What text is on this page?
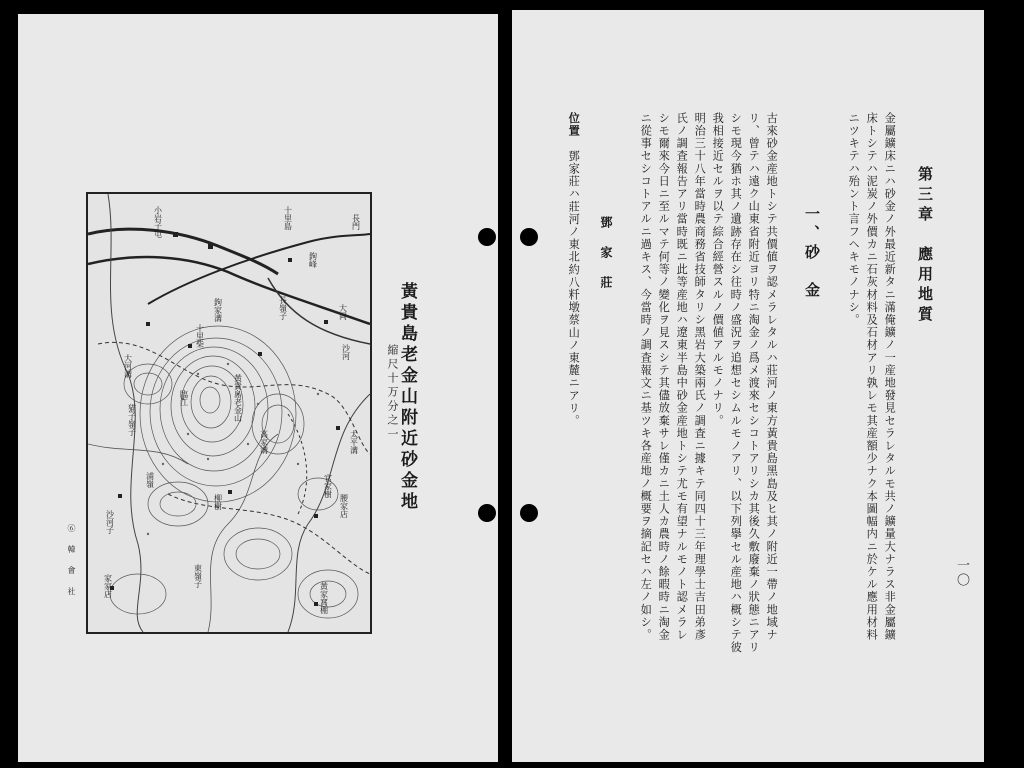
長門
十里島
小岩子屯
鉤峰
鉤家溝	長嶺子	大岡
大河溝
黃貴島老金山
十里柴
臨江
沙河
猫子嶺子
高家溝
浦嶺
太平溝
柳樹
官家樹
腰家店
沙河子
黃家窩棚
東嶺子
家家店
黃貴島老金山附近砂金地
縮尺十万分之一
⑥ 韓 會 社	一〇
第三章　應用地質
金屬鑛床ニハ砂金ノ外最近新タニ滿俺鑛ノ一産地發見セラレタルモ共ノ鑛量大ナラス非金屬鑛
床トシテハ泥炭ノ外價カニ石灰材料及石材アリ孰レモ其産額少ナク本圖幅内ニ於ケル應用材料
ニツキテハ殆ント言フヘキモノナシ。
一、砂　金
古來砂金産地トシテ共價値ヲ認メラレタルハ莊河ノ東方黃貴島黑島及ヒ其ノ附近一帶ノ地域ナ
リ、曾テハ遠ク山東省附近ヨリ特ニ淘金ノ爲メ渡來セシコトアリシカ其後久敷廢棄ノ狀態ニアリ
シモ現今猶ホ其ノ遺跡存在シ往時ノ盛況ヲ追想セシムルモノアリ、以下列擧セル産地ハ概シテ彼
我相接近セルヲ以テ綜合經營スルノ價値アルモノナリ。
明治三十八年當時農商務省技師タリシ黑岩大築兩氏ノ調査ニ據キテ同四十三年理學士吉田弟彥
氏ノ調査報告アリ當時既ニ此等産地ハ遼東半島中砂金産地トシテ尤モ有望ナルモノト認メラレ
シモ爾來今日ニ至ルマテ何等ノ變化ヲ見スシテ其儘放棄サレ僅カニ土人カ農時ノ餘暇時ニ淘金
ニ從事セシコトアルニ過キス、今當時ノ調査報文ニ基ツキ各産地ノ概要ヲ摘記セハ左ノ如シ。
鄧　家　莊
位置
鄧家莊ハ莊河ノ東北約八粁墩蔡山ノ東麓ニアリ。
